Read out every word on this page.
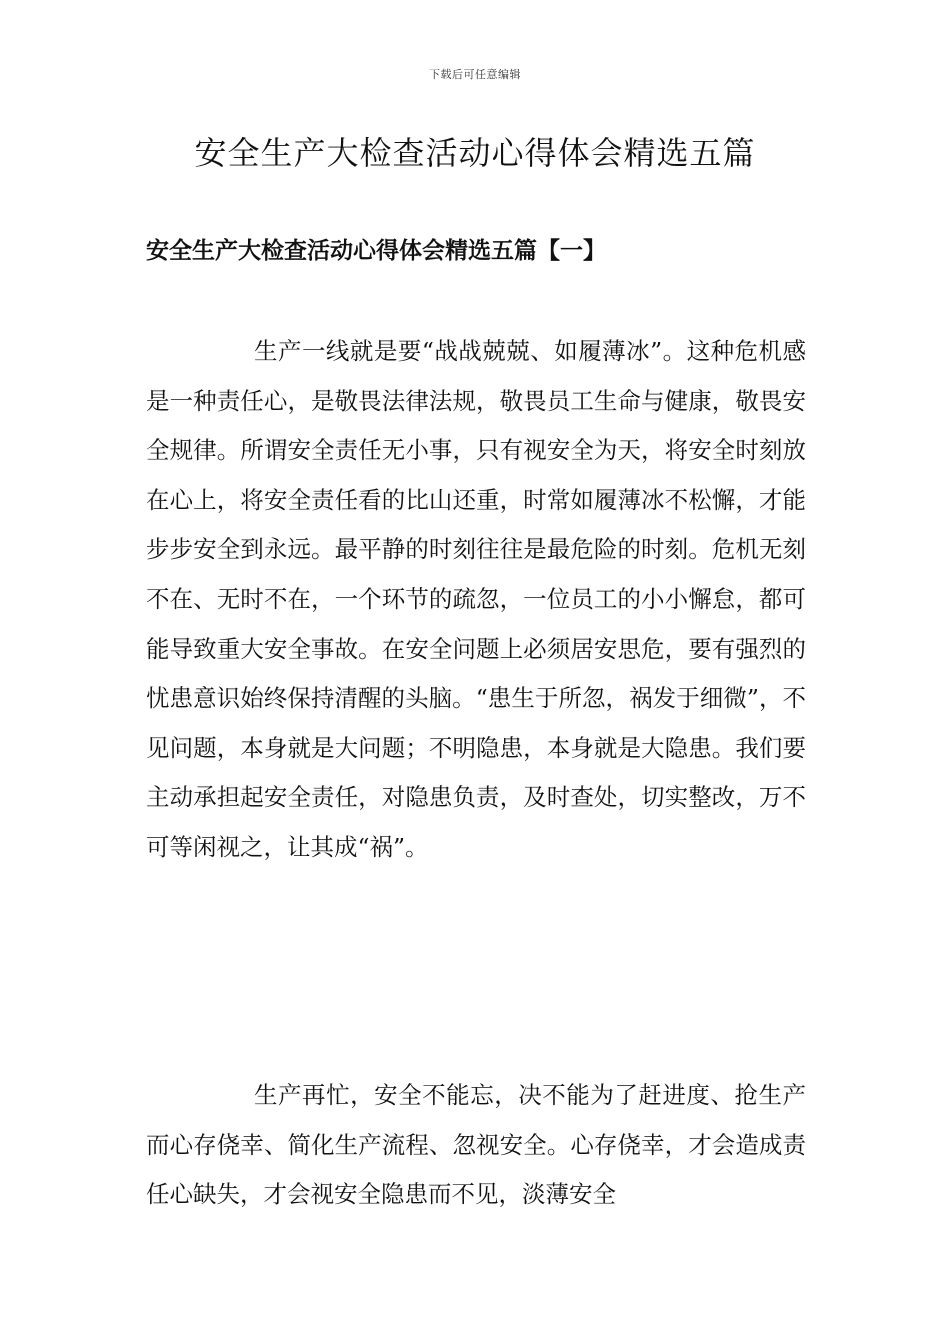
下载后可任意编辑
安全生产大检查活动心得体会精选五篇
安全生产大检查活动心得体会精选五篇【一】

生产一线就是要“战战兢兢、如履薄冰”。这种危机感是一种责任心，是敬畏法律法规，敬畏员工生命与健康，敬畏安全规律。所谓安全责任无小事，只有视安全为天，将安全时刻放在心上，将安全责任看的比山还重，时常如履薄冰不松懈，才能步步安全到永远。最平静的时刻往往是最危险的时刻。危机无刻不在、无时不在，一个环节的疏忽，一位员工的小小懈怠，都可能导致重大安全事故。在安全问题上必须居安思危，要有强烈的忧患意识始终保持清醒的头脑。“患生于所忽，祸发于细微”，不见问题，本身就是大问题；不明隐患，本身就是大隐患。我们要主动承担起安全责任，对隐患负责，及时查处，切实整改，万不可等闲视之，让其成“祸”。

生产再忙，安全不能忘，决不能为了赶进度、抢生产而心存侥幸、简化生产流程、忽视安全。心存侥幸，才会造成责任心缺失，才会视安全隐患而不见，淡薄安全
